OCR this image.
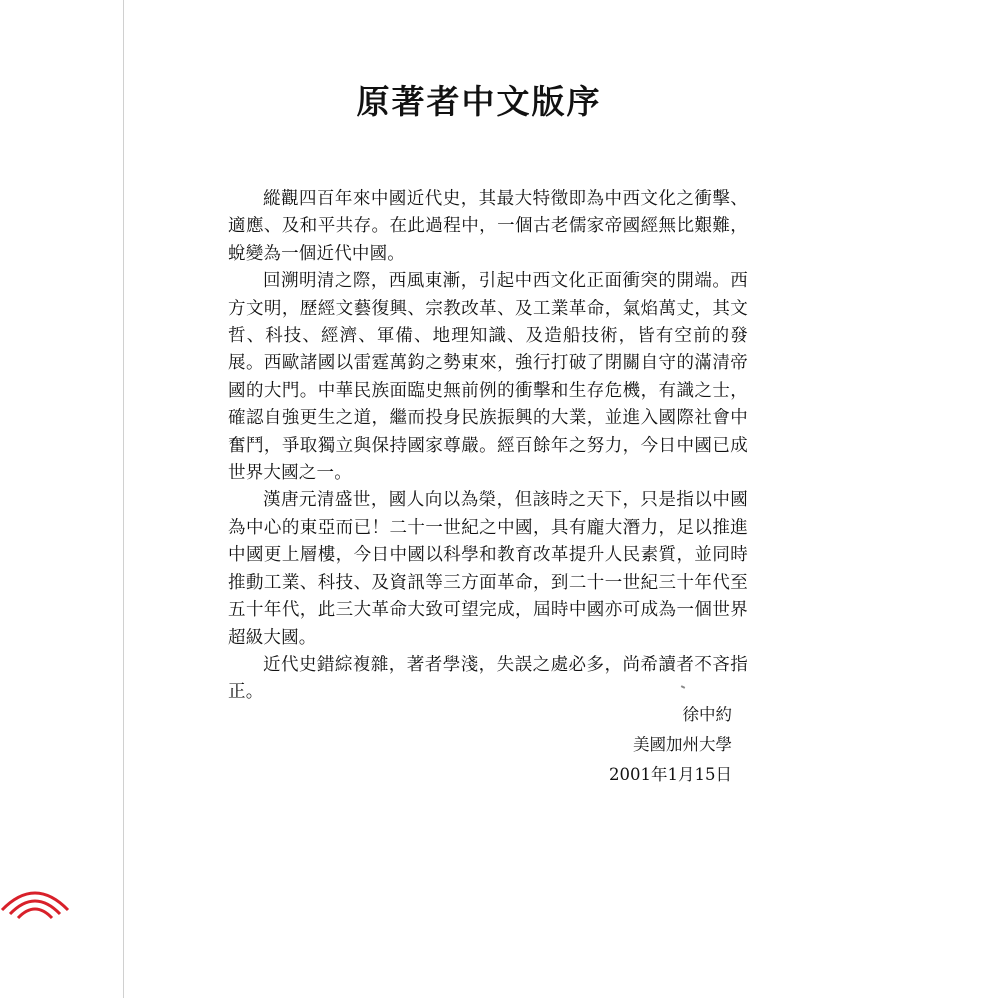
原著者中文版序

縱觀四百年來中國近代史，其最大特徵即為中西文化之衝擊、適應、及和平共存。在此過程中，一個古老儒家帝國經無比艱難，蛻變為一個近代中國。

回溯明清之際，西風東漸，引起中西文化正面衝突的開端。西方文明，歷經文藝復興、宗教改革、及工業革命，氣焰萬丈，其文哲、科技、經濟、軍備、地理知識、及造船技術，皆有空前的發展。西歐諸國以雷霆萬鈞之勢東來，強行打破了閉關自守的滿清帝國的大門。中華民族面臨史無前例的衝擊和生存危機，有識之士，確認自強更生之道，繼而投身民族振興的大業，並進入國際社會中奮鬥，爭取獨立與保持國家尊嚴。經百餘年之努力，今日中國已成世界大國之一。

漢唐元清盛世，國人向以為榮，但該時之天下，只是指以中國為中心的東亞而已！二十一世紀之中國，具有龐大潛力，足以推進中國更上層樓，今日中國以科學和教育改革提升人民素質，並同時推動工業、科技、及資訊等三方面革命，到二十一世紀三十年代至五十年代，此三大革命大致可望完成，屆時中國亦可成為一個世界超級大國。

近代史錯綜複雜，著者學淺，失誤之處必多，尚希讀者不吝指正。

徐中約
美國加州大學
2001年1月15日
